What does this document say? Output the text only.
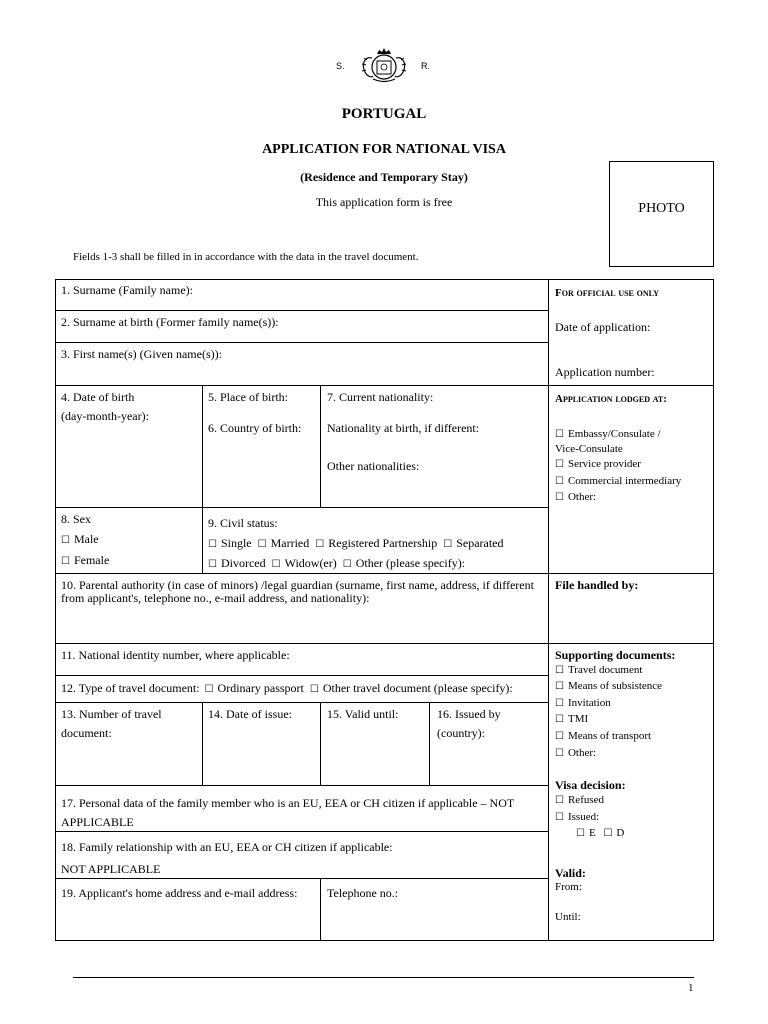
S.	R.
PORTUGAL
APPLICATION FOR NATIONAL VISA
(Residence and Temporary Stay)
This application form is free	PHOTO
Fields 1-3 shall be filled in in accordance with the data in the travel document.
1. Surname (Family name):
2. Surname at birth (Former family name(s)):
3. First name(s) (Given name(s)):
4. Date of birth
(day-month-year):
5. Place of birth:
6. Country of birth:
7. Current nationality:
Nationality at birth, if different:
Other nationalities:
8. Sex
☐ Male
☐ Female
9. Civil status:
☐ Single ☐ Married ☐ Registered Partnership ☐ Separated
☐ Divorced ☐ Widow(er) ☐ Other (please specify):
10. Parental authority (in case of minors) /legal guardian (surname, first name, address, if different
from applicant's, telephone no., e-mail address, and nationality):
11. National identity number, where applicable:
12. Type of travel document: ☐ Ordinary passport ☐ Other travel document (please specify):
13. Number of travel
document:
14. Date of issue:	15. Valid until:	16. Issued by
(country):
17. Personal data of the family member who is an EU, EEA or CH citizen if applicable – NOT
APPLICABLE
18. Family relationship with an EU, EEA or CH citizen if applicable:
NOT APPLICABLE
19. Applicant's home address and e-mail address: Telephone no.:
For official use only
Date of application:
Application number:
Application lodged at:
☐ Embassy/Consulate /
Vice-Consulate
☐ Service provider
☐ Commercial intermediary
☐ Other:
File handled by:
Supporting documents:
☐ Travel document
☐ Means of subsistence
☐ Invitation
☐ TMI
☐ Means of transport
☐ Other:
Visa decision:
☐ Refused
☐ Issued:
☐ E ☐ D
Valid:
From:
Until:
1
